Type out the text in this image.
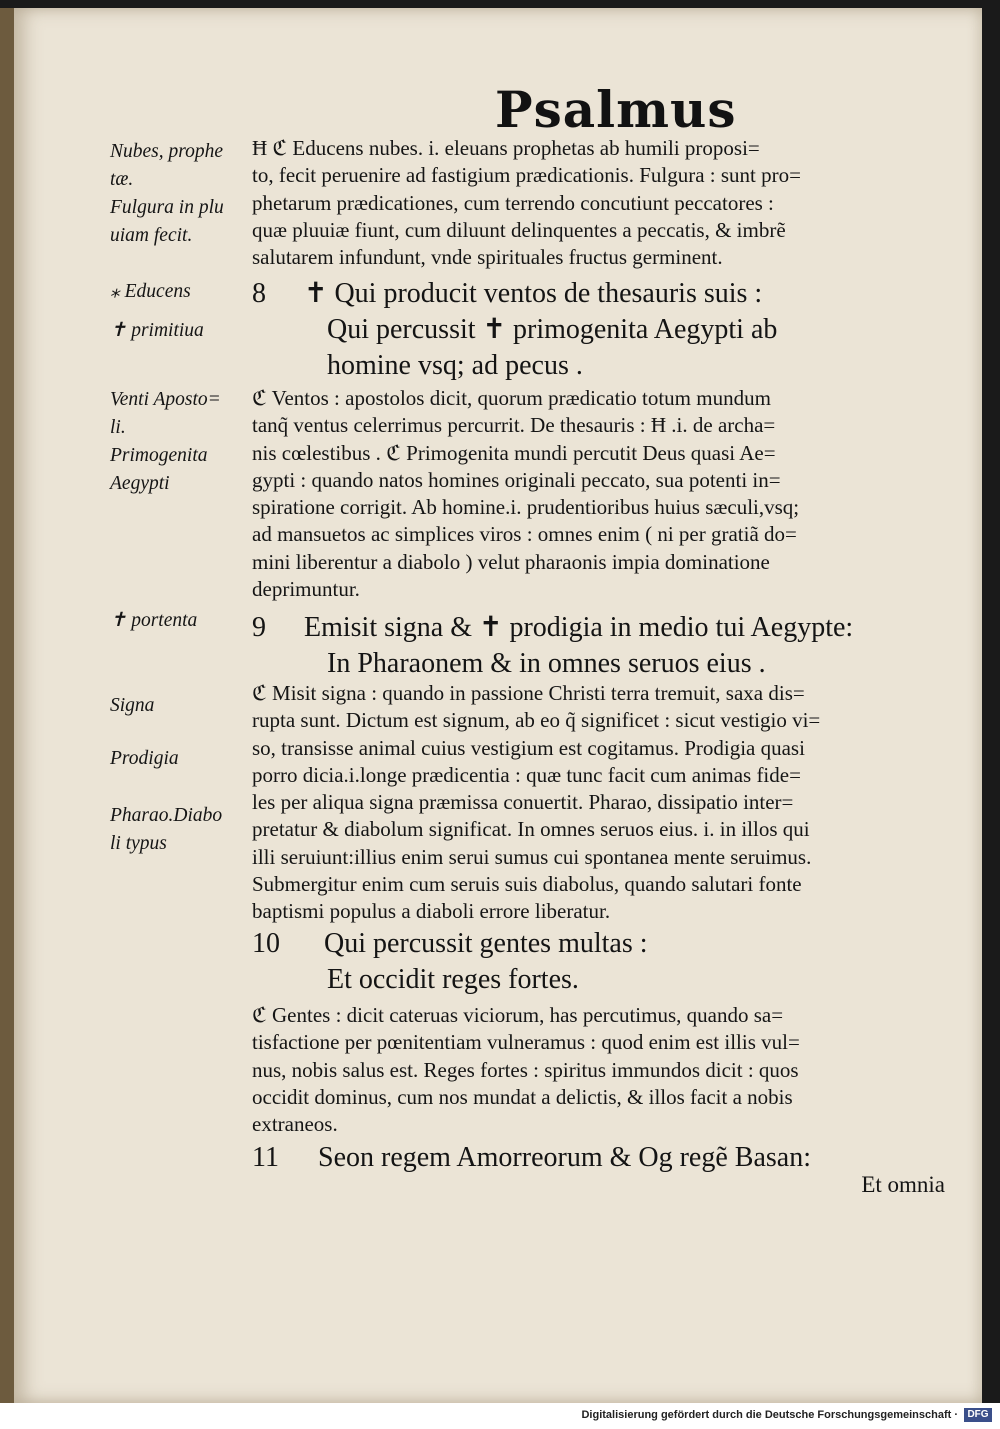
Psalmus
Nubes, prophe
tæ.
Fulgura in plu
uiam fecit.
⁎ Educens
✝ primitiua
Venti Aposto=
li.
Primogenita
Aegypti
✝ portenta
Signa
Prodigia
Pharao.Diabo
li typus
Ħ ℭ Educens nubes. i. eleuans prophetas ab humili proposi=
to, fecit peruenire ad fastigium prædicationis. Fulgura : sunt pro=
phetarum prædicationes, cum terrendo concutiunt peccatores :
quæ pluuiæ fiunt, cum diluunt delinquentes a peccatis, & imbrẽ
salutarem infundunt, vnde spirituales fructus germinent.
8 ✝ Qui producit ventos de thesauris suis :
Qui percussit ✝ primogenita Aegypti ab
homine vsq; ad pecus .
ℭ Ventos : apostolos dicit, quorum prædicatio totum mundum
tanq̃ ventus celerrimus percurrit. De thesauris : Ħ .i. de archa=
nis cœlestibus . ℭ Primogenita mundi percutit Deus quasi Ae=
gypti : quando natos homines originali peccato, sua potenti in=
spiratione corrigit. Ab homine.i. prudentioribus huius sæculi,vsq;
ad mansuetos ac simplices viros : omnes enim ( ni per gratiã do=
mini liberentur a diabolo ) velut pharaonis impia dominatione
deprimuntur.
9 Emisit signa & ✝ prodigia in medio tui Aegypte:
In Pharaonem & in omnes seruos eius .
ℭ Misit signa : quando in passione Christi terra tremuit, saxa dis=
rupta sunt. Dictum est signum, ab eo q̃ significet : sicut vestigio vi=
so, transisse animal cuius vestigium est cogitamus. Prodigia quasi
porro dicia.i.longe prædicentia : quæ tunc facit cum animas fide=
les per aliqua signa præmissa conuertit. Pharao, dissipatio inter=
pretatur & diabolum significat. In omnes seruos eius. i. in illos qui
illi seruiunt:illius enim serui sumus cui spontanea mente seruimus.
Submergitur enim cum seruis suis diabolus, quando salutari fonte
baptismi populus a diaboli errore liberatur.
10 Qui percussit gentes multas :
Et occidit reges fortes.
ℭ Gentes : dicit cateruas viciorum, has percutimus, quando sa=
tisfactione per pœnitentiam vulneramus : quod enim est illis vul=
nus, nobis salus est. Reges fortes : spiritus immundos dicit : quos
occidit dominus, cum nos mundat a delictis, & illos facit a nobis
extraneos.
11 Seon regem Amorreorum & Og regẽ Basan:
Et omnia
Digitalisierung gefördert durch die Deutsche Forschungsgemeinschaft · DFG
